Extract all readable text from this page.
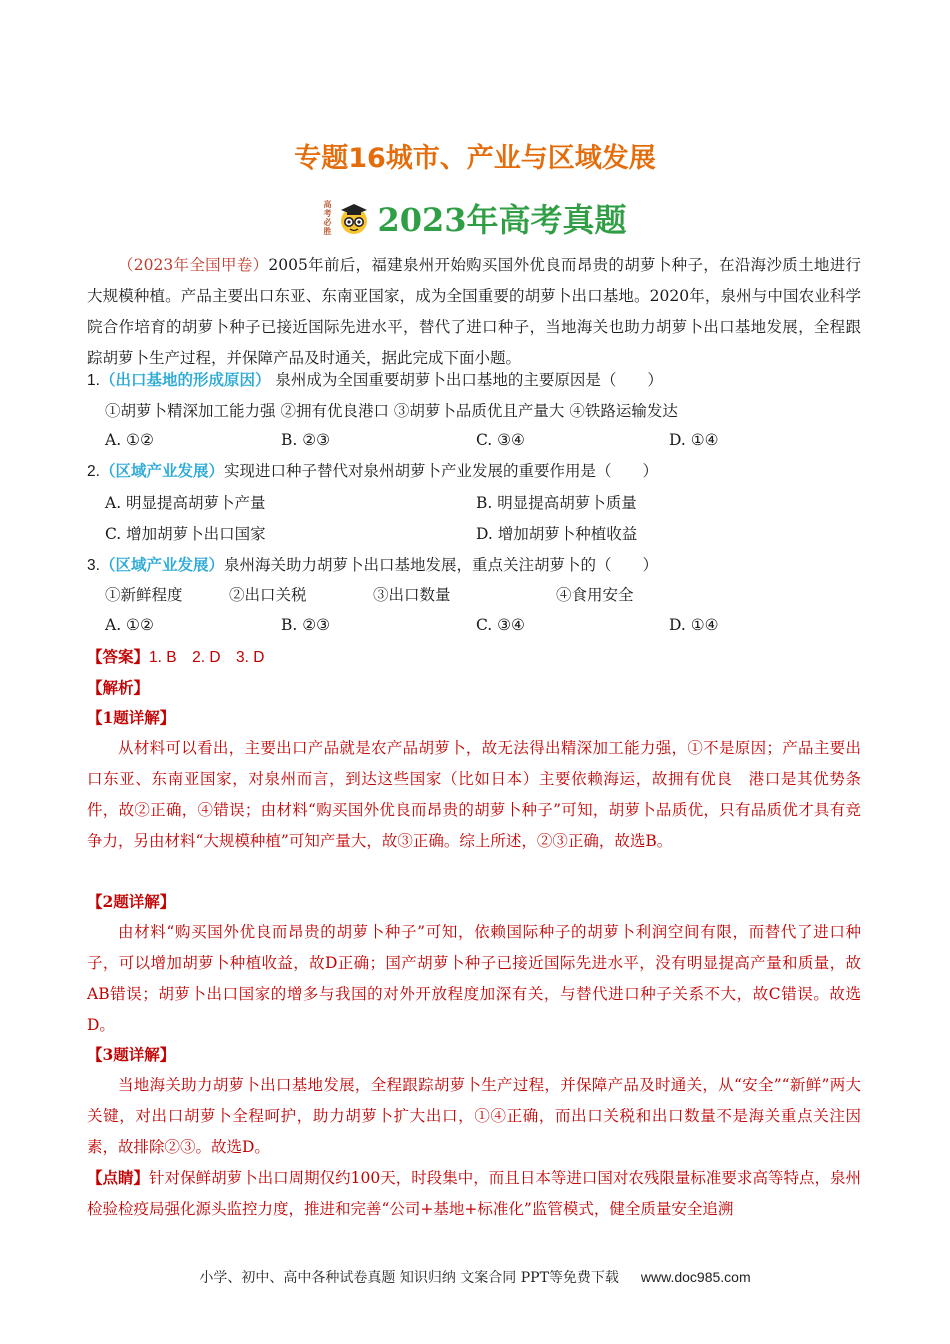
专题16城市、产业与区域发展
高
考
必
胜 2023年高考真题

（2023年全国甲卷）2005年前后，福建泉州开始购买国外优良而昂贵的胡萝卜种子，在沿海沙质土地进行大规模种植。产品主要出口东亚、东南亚国家，成为全国重要的胡萝卜出口基地。2020年，泉州与中国农业科学院合作培育的胡萝卜种子已接近国际先进水平，替代了进口种子，当地海关也助力胡萝卜出口基地发展，全程跟踪胡萝卜生产过程，并保障产品及时通关，据此完成下面小题。

1.（出口基地的形成原因） 泉州成为全国重要胡萝卜出口基地的主要原因是（　　）
①胡萝卜精深加工能力强 ②拥有优良港口 ③胡萝卜品质优且产量大 ④铁路运输发达
A. ①②	B. ②③	C. ③④	D. ①④
2.（区域产业发展）实现进口种子替代对泉州胡萝卜产业发展的重要作用是（　　）
A. 明显提高胡萝卜产量	B. 明显提高胡萝卜质量
C. 增加胡萝卜出口国家	D. 增加胡萝卜种植收益
3.（区域产业发展）泉州海关助力胡萝卜出口基地发展，重点关注胡萝卜的（　　）
①新鲜程度	②出口关税	③出口数量	④食用安全
A. ①②	B. ②③	C. ③④	D. ①④
【答案】1. B　2. D　3. D
【解析】
【1题详解】

从材料可以看出，主要出口产品就是农产品胡萝卜，故无法得出精深加工能力强，①不是原因；产品主要出口东亚、东南亚国家，对泉州而言，到达这些国家（比如日本）主要依赖海运，故拥有优良　港口是其优势条件，故②正确，④错误；由材料“购买国外优良而昂贵的胡萝卜种子”可知，胡萝卜品质优，只有品质优才具有竞争力，另由材料“大规模种植”可知产量大，故③正确。综上所述，②③正确，故选B。

【2题详解】

由材料“购买国外优良而昂贵的胡萝卜种子”可知，依赖国际种子的胡萝卜利润空间有限，而替代了进口种子，可以增加胡萝卜种植收益，故D正确；国产胡萝卜种子已接近国际先进水平，没有明显提高产量和质量，故AB错误；胡萝卜出口国家的增多与我国的对外开放程度加深有关，与替代进口种子关系不大，故C错误。故选D。

【3题详解】

当地海关助力胡萝卜出口基地发展，全程跟踪胡萝卜生产过程，并保障产品及时通关，从“安全”“新鲜”两大关键，对出口胡萝卜全程呵护，助力胡萝卜扩大出口，①④正确，而出口关税和出口数量不是海关重点关注因素，故排除②③。故选D。

【点睛】针对保鲜胡萝卜出口周期仅约100天，时段集中，而且日本等进口国对农残限量标准要求高等特点，泉州检验检疫局强化源头监控力度，推进和完善“公司+基地+标准化”监管模式，健全质量安全追溯

小学、初中、高中各种试卷真题 知识归纳 文案合同 PPT等免费下载 www.doc985.com
